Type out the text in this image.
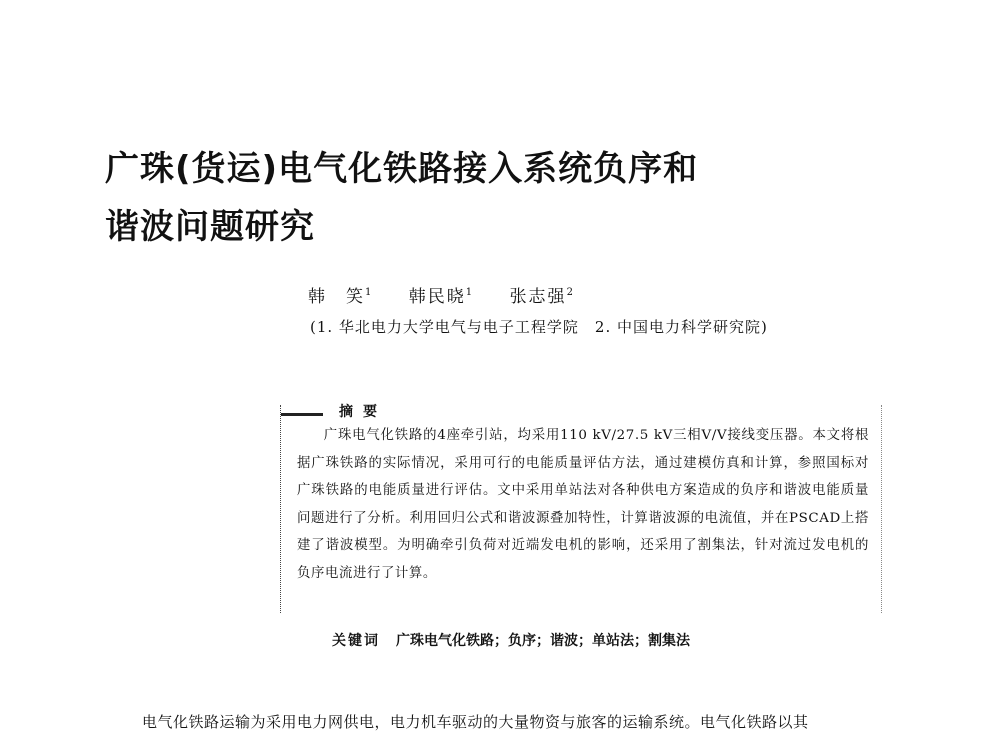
广珠(货运)电气化铁路接入系统负序和
谐波问题研究
韩　笑$^1$ 韩民晓$^1$ 张志强$^2$
(1. 华北电力大学电气与电子工程学院　2. 中国电力科学研究院)
摘要
广珠电气化铁路的4座牵引站，均采用110 kV/27.5 kV三相V/V接线变压器。本文将根据广珠铁路的实际情况，采用可行的电能质量评估方法，通过建模仿真和计算，参照国标对广珠铁路的电能质量进行评估。文中采用单站法对各种供电方案造成的负序和谐波电能质量问题进行了分析。利用回归公式和谐波源叠加特性，计算谐波源的电流值，并在PSCAD上搭建了谐波模型。为明确牵引负荷对近端发电机的影响，还采用了割集法，针对流过发电机的负序电流进行了计算。
关键词 广珠电气化铁路；负序；谐波；单站法；割集法
电气化铁路运输为采用电力网供电，电力机车驱动的大量物资与旅客的运输系统。电气化铁路以其
